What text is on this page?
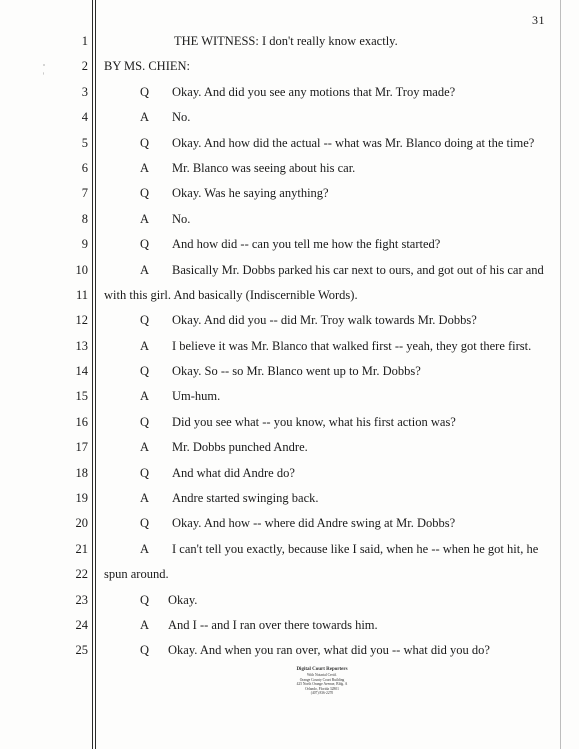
31
1	THE WITNESS: I don't really know exactly.
2 BY MS. CHIEN:
3	Q Okay. And did you see any motions that Mr. Troy made?
4	A No.
5	Q Okay. And how did the actual -- what was Mr. Blanco doing at the time?
6	A Mr. Blanco was seeing about his car.
7	Q Okay. Was he saying anything?
8	A No.
9	Q And how did -- can you tell me how the fight started?
10	A Basically Mr. Dobbs parked his car next to ours, and got out of his car and
11 with this girl. And basically (Indiscernible Words).
12	Q Okay. And did you -- did Mr. Troy walk towards Mr. Dobbs?
13	A I believe it was Mr. Blanco that walked first -- yeah, they got there first.
14	Q Okay. So -- so Mr. Blanco went up to Mr. Dobbs?
15	A Um-hum.
16	Q Did you see what -- you know, what his first action was?
17	A Mr. Dobbs punched Andre.
18	Q And what did Andre do?
19	A Andre started swinging back.
20	Q Okay. And how -- where did Andre swing at Mr. Dobbs?
21	A I can't tell you exactly, because like I said, when he -- when he got hit, he
22 spun around.
23	Q Okay.
24	A And I -- and I ran over there towards him.
25	Q Okay. And when you ran over, what did you -- what did you do?
Digital Court Reporters
With Notarial Certif.
Orange County Court Building
425 North Orange Avenue, Bldg. A
Orlando, Florida 32801
(407) 836-2270
